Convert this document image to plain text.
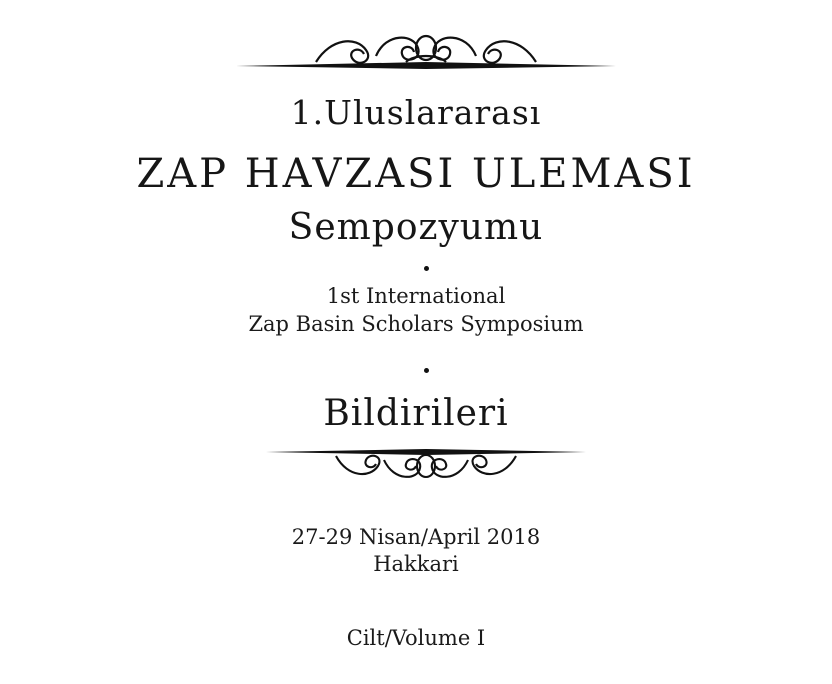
1.Uluslararası
ZAP HAVZASI ULEMASI
Sempozyumu
1st International
Zap Basin Scholars Symposium
Bildirileri
27-29 Nisan/April 2018
Hakkari
Cilt/Volume I
